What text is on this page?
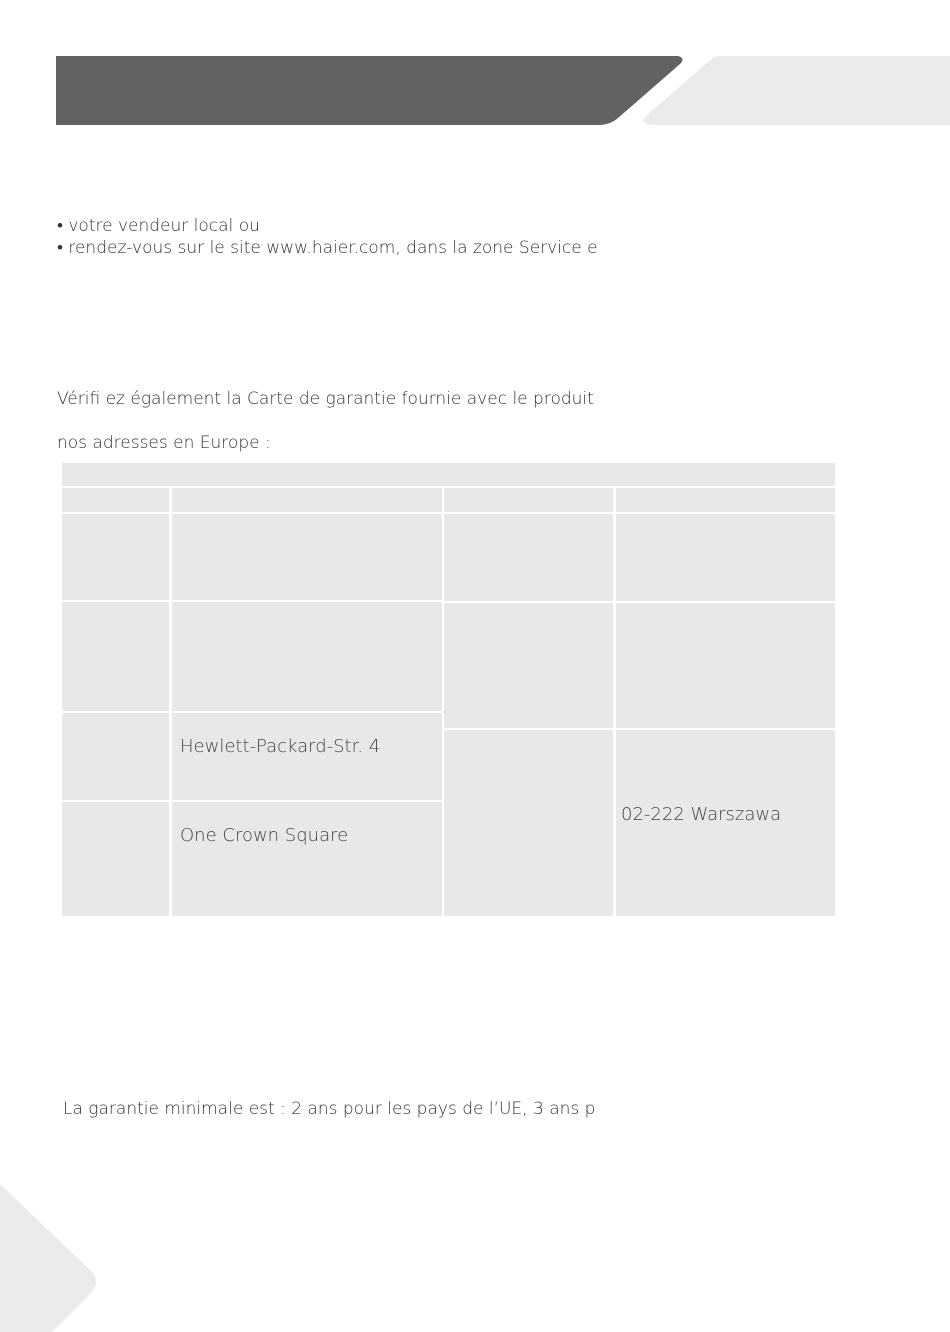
• votre vendeur local ou
• rendez-vous sur le site www.haier.com, dans la zone Service e
Vérifi ez également la Carte de garantie fournie avec le produit
nos adresses en Europe :
Hewlett-Packard-Str. 4
02-222 Warszawa
One Crown Square
La garantie minimale est : 2 ans pour les pays de l’UE, 3 ans p
